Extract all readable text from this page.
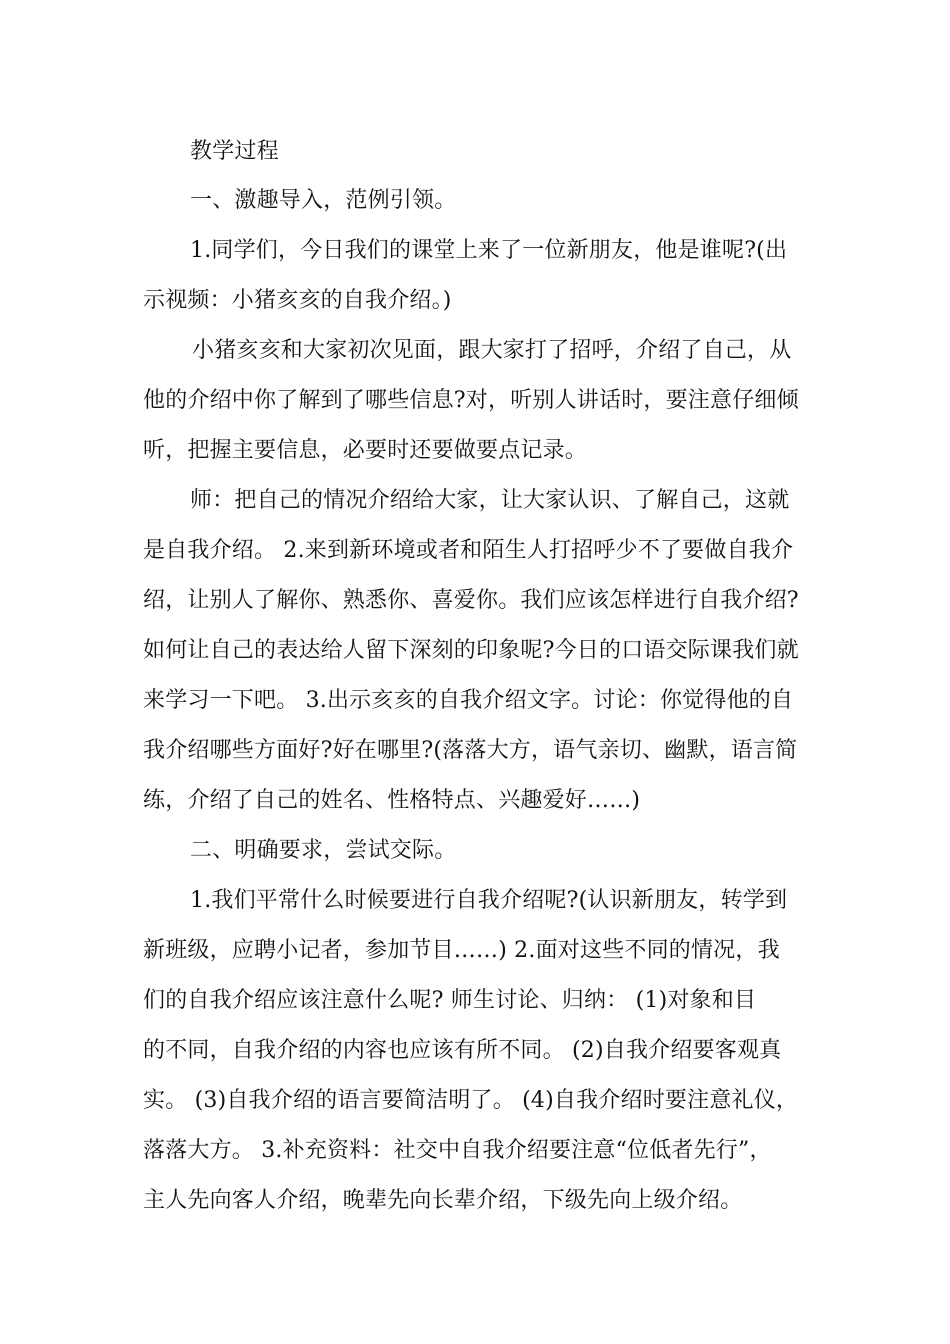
教学过程
一、激趣导入，范例引领。
1.同学们，今日我们的课堂上来了一位新朋友，他是谁呢?(出
示视频：小猪亥亥的自我介绍。)
小猪亥亥和大家初次见面，跟大家打了招呼，介绍了自己，从
他的介绍中你了解到了哪些信息?对，听别人讲话时，要注意仔细倾
听，把握主要信息，必要时还要做要点记录。
师：把自己的情况介绍给大家，让大家认识、了解自己，这就
是自我介绍。 2.来到新环境或者和陌生人打招呼少不了要做自我介
绍，让别人了解你、熟悉你、喜爱你。我们应该怎样进行自我介绍?
如何让自己的表达给人留下深刻的印象呢?今日的口语交际课我们就
来学习一下吧。 3.出示亥亥的自我介绍文字。讨论：你觉得他的自
我介绍哪些方面好?好在哪里?(落落大方，语气亲切、幽默，语言简
练，介绍了自己的姓名、性格特点、兴趣爱好……)
二、明确要求，尝试交际。
1.我们平常什么时候要进行自我介绍呢?(认识新朋友，转学到
新班级，应聘小记者，参加节目……) 2.面对这些不同的情况，我
们的自我介绍应该注意什么呢? 师生讨论、归纳： (1)对象和目
的不同，自我介绍的内容也应该有所不同。 (2)自我介绍要客观真
实。 (3)自我介绍的语言要简洁明了。 (4)自我介绍时要注意礼仪，
落落大方。 3.补充资料：社交中自我介绍要注意“位低者先行”，
主人先向客人介绍，晚辈先向长辈介绍，下级先向上级介绍。
